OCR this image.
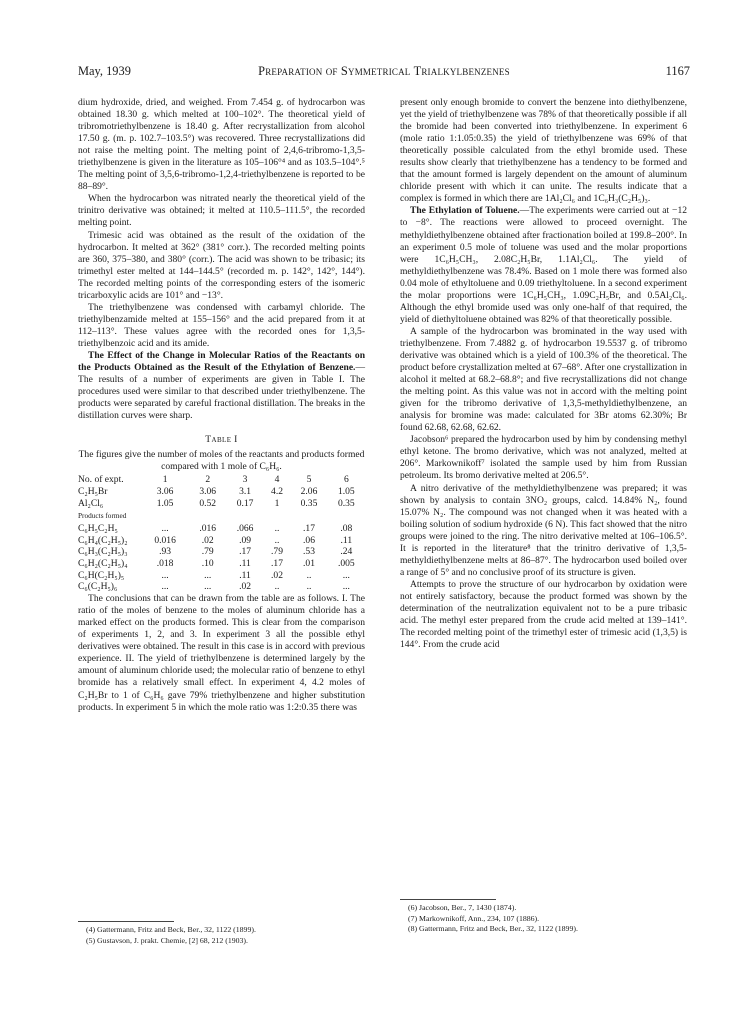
May, 1939	Preparation of Symmetrical Trialkylbenzenes	1167

dium hydroxide, dried, and weighed. From 7.454 g. of hydrocarbon was obtained 18.30 g. which melted at 100–102°. The theoretical yield of tribromotriethylbenzene is 18.40 g. After recrystallization from alcohol 17.50 g. (m. p. 102.7–103.5°) was recovered. Three recrystallizations did not raise the melting point. The melting point of 2,4,6-tribromo-1,3,5-triethylbenzene is given in the literature as 105–106°⁴ and as 103.5–104°.⁵ The melting point of 3,5,6-tribromo-1,2,4-triethylbenzene is reported to be 88–89°.

When the hydrocarbon was nitrated nearly the theoretical yield of the trinitro derivative was obtained; it melted at 110.5–111.5°, the recorded melting point.

Trimesic acid was obtained as the result of the oxidation of the hydrocarbon. It melted at 362° (381° corr.). The recorded melting points are 360, 375–380, and 380° (corr.). The acid was shown to be tribasic; its trimethyl ester melted at 144–144.5° (recorded m. p. 142°, 142°, 144°). The recorded melting points of the corresponding esters of the isomeric tricarboxylic acids are 101° and −13°.

The triethylbenzene was condensed with carbamyl chloride. The triethylbenzamide melted at 155–156° and the acid prepared from it at 112–113°. These values agree with the recorded ones for 1,3,5-triethylbenzoic acid and its amide.

The Effect of the Change in Molecular Ratios of the Reactants on the Products Obtained as the Result of the Ethylation of Benzene.—The results of a number of experiments are given in Table I. The procedures used were similar to that described under triethylbenzene. The products were separated by careful fractional distillation. The breaks in the distillation curves were sharp.

Table I
The figures give the number of moles of the reactants and products formed compared with 1 mole of C₆H₆.
No. of expt.	1	2	3	4	5	6
C₂H₅Br	3.06	3.06	3.1	4.2	2.06	1.05
Al₂Cl₆	1.05	0.52	0.17	1	0.35	0.35
Products formed						
C₆H₅C₂H₅	...	.016	.066	..	.17	.08
C₆H₄(C₂H₅)₂	0.016	.02	.09	..	.06	.11
C₆H₃(C₂H₅)₃	.93	.79	.17	.79	.53	.24
C₆H₂(C₂H₅)₄	.018	.10	.11	.17	.01	.005
C₆H(C₂H₅)₅	...	...	.11	.02	..	...
C₆(C₂H₅)₆	...	...	.02	..	..	...

The conclusions that can be drawn from the table are as follows. I. The ratio of the moles of benzene to the moles of aluminum chloride has a marked effect on the products formed. This is clear from the comparison of experiments 1, 2, and 3. In experiment 3 all the possible ethyl derivatives were obtained. The result in this case is in accord with previous experience. II. The yield of triethylbenzene is determined largely by the amount of aluminum chloride used; the molecular ratio of benzene to ethyl bromide has a relatively small effect. In experiment 4, 4.2 moles of C₂H₅Br to 1 of C₆H₆ gave 79% triethylbenzene and higher substitution products. In experiment 5 in which the mole ratio was 1:2:0.35 there was

(4) Gattermann, Fritz and Beck, Ber., 32, 1122 (1899).
(5) Gustavson, J. prakt. Chemie, [2] 68, 212 (1903).

present only enough bromide to convert the benzene into diethylbenzene, yet the yield of triethylbenzene was 78% of that theoretically possible if all the bromide had been converted into triethylbenzene. In experiment 6 (mole ratio 1:1.05:0.35) the yield of triethylbenzene was 69% of that theoretically possible calculated from the ethyl bromide used. These results show clearly that triethylbenzene has a tendency to be formed and that the amount formed is largely dependent on the amount of aluminum chloride present with which it can unite. The results indicate that a complex is formed in which there are 1Al₂Cl₆ and 1C₆H₃(C₂H₅)₃.

The Ethylation of Toluene.—The experiments were carried out at −12 to −8°. The reactions were allowed to proceed overnight. The methyldiethylbenzene obtained after fractionation boiled at 199.8–200°. In an experiment 0.5 mole of toluene was used and the molar proportions were 1C₆H₅CH₃, 2.08C₂H₅Br, 1.1Al₂Cl₆. The yield of methyldiethylbenzene was 78.4%. Based on 1 mole there was formed also 0.04 mole of ethyltoluene and 0.09 triethyltoluene. In a second experiment the molar proportions were 1C₆H₅CH₃, 1.09C₂H₅Br, and 0.5Al₂Cl₆. Although the ethyl bromide used was only one-half of that required, the yield of diethyltoluene obtained was 82% of that theoretically possible.

A sample of the hydrocarbon was brominated in the way used with triethylbenzene. From 7.4882 g. of hydrocarbon 19.5537 g. of tribromo derivative was obtained which is a yield of 100.3% of the theoretical. The product before crystallization melted at 67–68°. After one crystallization in alcohol it melted at 68.2–68.8°; and five recrystallizations did not change the melting point. As this value was not in accord with the melting point given for the tribromo derivative of 1,3,5-methyldiethylbenzene, an analysis for bromine was made: calculated for 3Br atoms 62.30%; Br found 62.68, 62.68, 62.62.

Jacobson⁶ prepared the hydrocarbon used by him by condensing methyl ethyl ketone. The bromo derivative, which was not analyzed, melted at 206°. Markownikoff⁷ isolated the sample used by him from Russian petroleum. Its bromo derivative melted at 206.5°.

A nitro derivative of the methyldiethylbenzene was prepared; it was shown by analysis to contain 3NO₂ groups, calcd. 14.84% N₂, found 15.07% N₂. The compound was not changed when it was heated with a boiling solution of sodium hydroxide (6 N). This fact showed that the nitro groups were joined to the ring. The nitro derivative melted at 106–106.5°. It is reported in the literature⁸ that the trinitro derivative of 1,3,5-methyldiethylbenzene melts at 86–87°. The hydrocarbon used boiled over a range of 5° and no conclusive proof of its structure is given.

Attempts to prove the structure of our hydrocarbon by oxidation were not entirely satisfactory, because the product formed was shown by the determination of the neutralization equivalent not to be a pure tribasic acid. The methyl ester prepared from the crude acid melted at 139–141°. The recorded melting point of the trimethyl ester of trimesic acid (1,3,5) is 144°. From the crude acid

(6) Jacobson, Ber., 7, 1430 (1874).
(7) Markownikoff, Ann., 234, 107 (1886).
(8) Gattermann, Fritz and Beck, Ber., 32, 1122 (1899).
